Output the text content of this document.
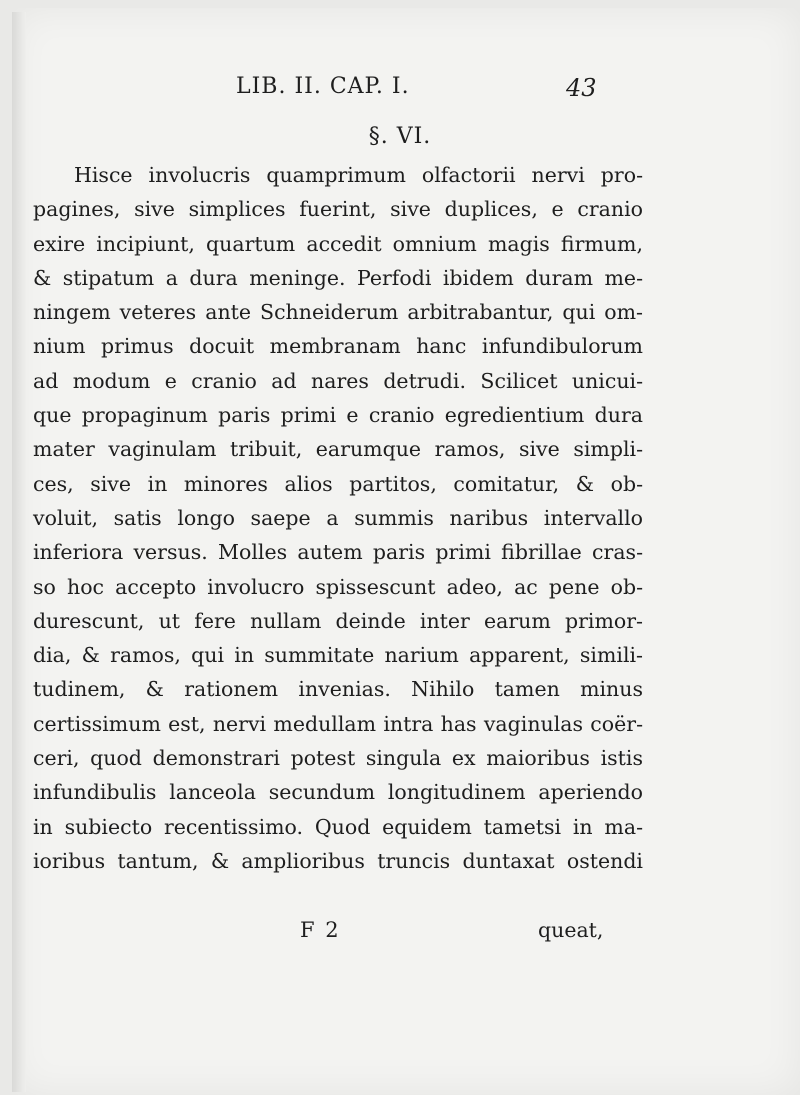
LIB. II. CAP. I.	43
§. VI.
Hisce involucris quamprimum olfactorii nervi pro-
pagines, sive simplices fuerint, sive duplices, e cranio
exire incipiunt, quartum accedit omnium magis firmum,
& stipatum a dura meninge. Perfodi ibidem duram me-
ningem veteres ante Schneiderum arbitrabantur, qui om-
nium primus docuit membranam hanc infundibulorum
ad modum e cranio ad nares detrudi. Scilicet unicui-
que propaginum paris primi e cranio egredientium dura
mater vaginulam tribuit, earumque ramos, sive simpli-
ces, sive in minores alios partitos, comitatur, & ob-
voluit, satis longo saepe a summis naribus intervallo
inferiora versus. Molles autem paris primi fibrillae cras-
so hoc accepto involucro spissescunt adeo, ac pene ob-
durescunt, ut fere nullam deinde inter earum primor-
dia, & ramos, qui in summitate narium apparent, simili-
tudinem, & rationem invenias. Nihilo tamen minus
certissimum est, nervi medullam intra has vaginulas coër-
ceri, quod demonstrari potest singula ex maioribus istis
infundibulis lanceola secundum longitudinem aperiendo
in subiecto recentissimo. Quod equidem tametsi in ma-
ioribus tantum, & amplioribus truncis duntaxat ostendi
F 2	queat,
